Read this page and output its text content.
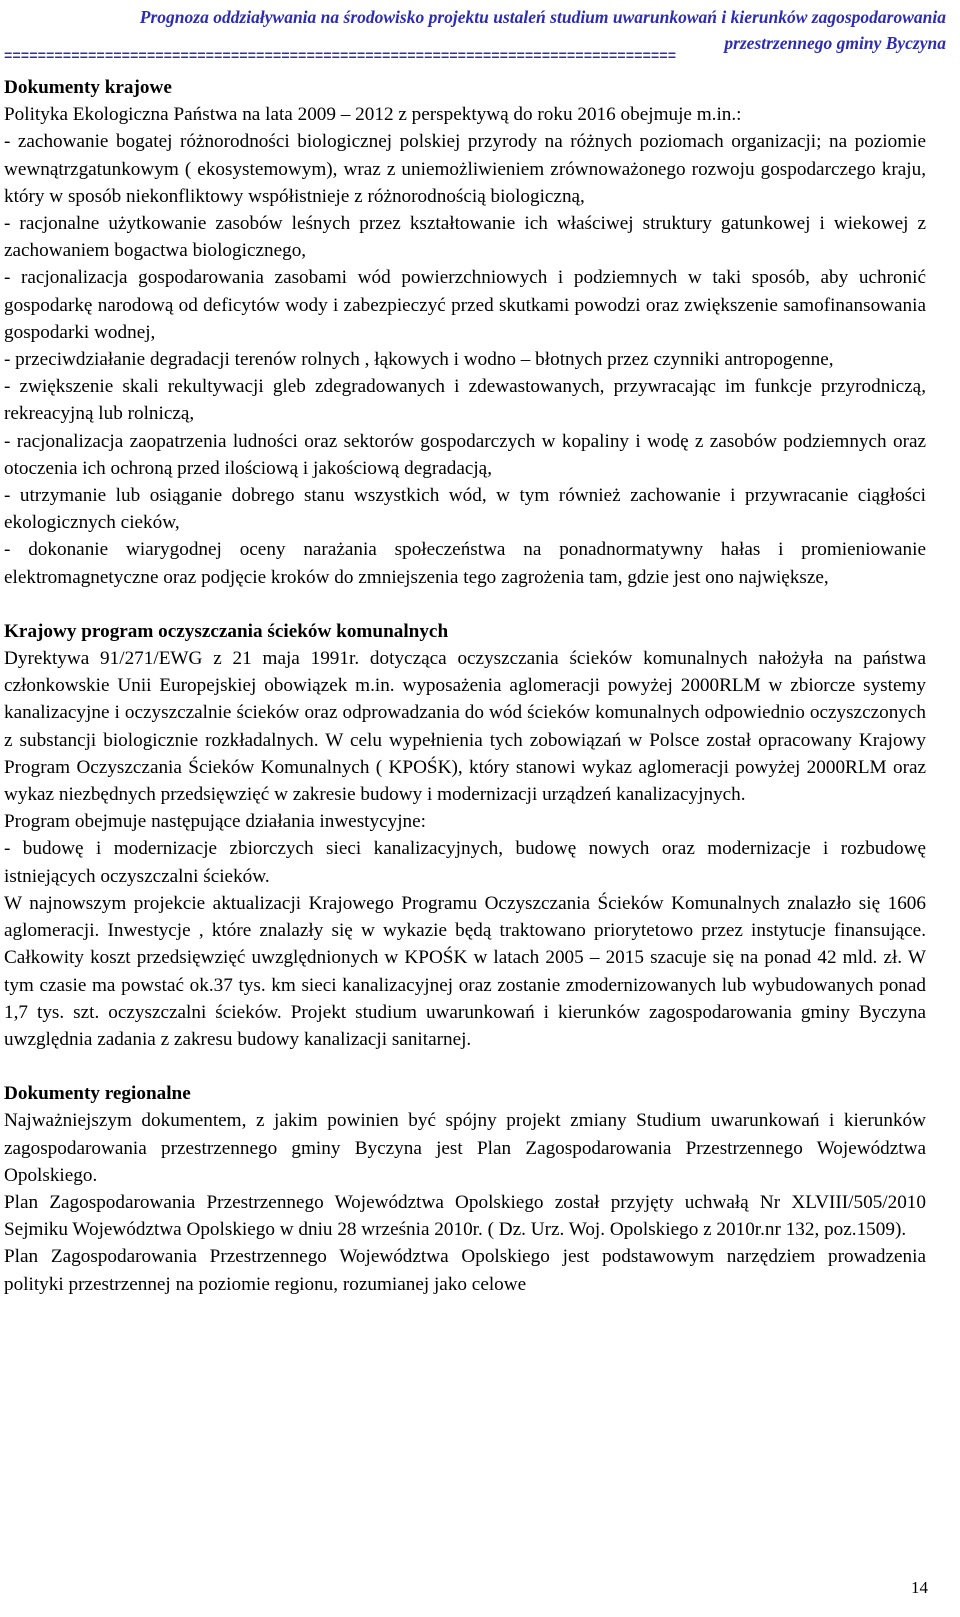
Prognoza oddziaływania na środowisko projektu ustaleń studium uwarunkowań i kierunków zagospodarowania
przestrzennego gminy Byczyna
================================================================================

Dokumenty krajowe

Polityka Ekologiczna Państwa na lata 2009 – 2012 z perspektywą do roku 2016 obejmuje m.in.:

- zachowanie bogatej różnorodności biologicznej polskiej przyrody na różnych poziomach organizacji; na poziomie wewnątrzgatunkowym ( ekosystemowym), wraz z uniemożliwieniem zrównoważonego rozwoju gospodarczego kraju, który w sposób niekonfliktowy współistnieje z różnorodnością biologiczną,

- racjonalne użytkowanie zasobów leśnych przez kształtowanie ich właściwej struktury gatunkowej i wiekowej z zachowaniem bogactwa biologicznego,

- racjonalizacja gospodarowania zasobami wód powierzchniowych i podziemnych w taki sposób, aby uchronić gospodarkę narodową od deficytów wody i zabezpieczyć przed skutkami powodzi oraz zwiększenie samofinansowania gospodarki wodnej,

- przeciwdziałanie degradacji terenów rolnych , łąkowych i wodno – błotnych przez czynniki antropogenne,

- zwiększenie skali rekultywacji gleb zdegradowanych i zdewastowanych, przywracając im funkcje przyrodniczą, rekreacyjną lub rolniczą,

- racjonalizacja zaopatrzenia ludności oraz sektorów gospodarczych w kopaliny i wodę z zasobów podziemnych oraz otoczenia ich ochroną przed ilościową i jakościową degradacją,

- utrzymanie lub osiąganie dobrego stanu wszystkich wód, w tym również zachowanie i przywracanie ciągłości ekologicznych cieków,

- dokonanie wiarygodnej oceny narażania społeczeństwa na ponadnormatywny hałas i promieniowanie elektromagnetyczne oraz podjęcie kroków do zmniejszenia tego zagrożenia tam, gdzie jest ono największe,

Krajowy program oczyszczania ścieków komunalnych

Dyrektywa 91/271/EWG z 21 maja 1991r. dotycząca oczyszczania ścieków komunalnych nałożyła na państwa członkowskie Unii Europejskiej obowiązek m.in. wyposażenia aglomeracji powyżej 2000RLM w zbiorcze systemy kanalizacyjne i oczyszczalnie ścieków oraz odprowadzania do wód ścieków komunalnych odpowiednio oczyszczonych z substancji biologicznie rozkładalnych. W celu wypełnienia tych zobowiązań w Polsce został opracowany Krajowy Program Oczyszczania Ścieków Komunalnych ( KPOŚK), który stanowi wykaz aglomeracji powyżej 2000RLM oraz wykaz niezbędnych przedsięwzięć w zakresie budowy i modernizacji urządzeń kanalizacyjnych.

Program obejmuje następujące działania inwestycyjne:

- budowę i modernizacje zbiorczych sieci kanalizacyjnych, budowę nowych oraz modernizacje i rozbudowę istniejących oczyszczalni ścieków.

W najnowszym projekcie aktualizacji Krajowego Programu Oczyszczania Ścieków Komunalnych znalazło się 1606 aglomeracji. Inwestycje , które znalazły się w wykazie będą traktowano priorytetowo przez instytucje finansujące. Całkowity koszt przedsięwzięć uwzględnionych w KPOŚK w latach 2005 – 2015 szacuje się na ponad 42 mld. zł. W tym czasie ma powstać ok.37 tys. km sieci kanalizacyjnej oraz zostanie zmodernizowanych lub wybudowanych ponad 1,7 tys. szt. oczyszczalni ścieków. Projekt studium uwarunkowań i kierunków zagospodarowania gminy Byczyna uwzględnia zadania z zakresu budowy kanalizacji sanitarnej.

Dokumenty regionalne

Najważniejszym dokumentem, z jakim powinien być spójny projekt zmiany Studium uwarunkowań i kierunków zagospodarowania przestrzennego gminy Byczyna jest Plan Zagospodarowania Przestrzennego Województwa Opolskiego.

Plan Zagospodarowania Przestrzennego Województwa Opolskiego został przyjęty uchwałą Nr XLVIII/505/2010 Sejmiku Województwa Opolskiego w dniu 28 września 2010r. ( Dz. Urz. Woj. Opolskiego z 2010r.nr 132, poz.1509).

Plan Zagospodarowania Przestrzennego Województwa Opolskiego jest podstawowym narzędziem prowadzenia polityki przestrzennej na poziomie regionu, rozumianej jako celowe

14
